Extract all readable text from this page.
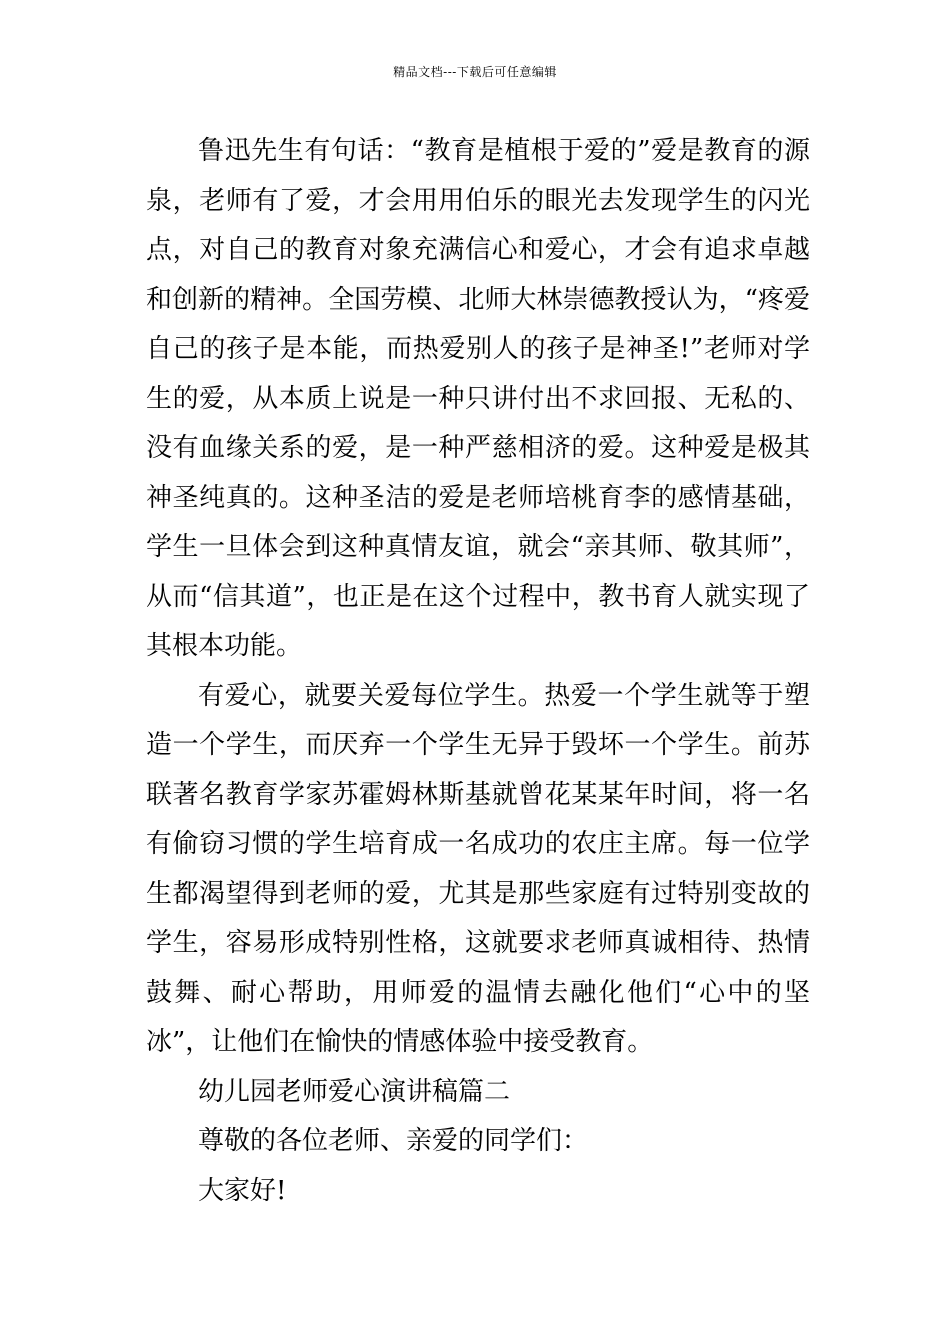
精品文档---下载后可任意编辑

鲁迅先生有句话：“教育是植根于爱的”爱是教育的源泉，老师有了爱，才会用用伯乐的眼光去发现学生的闪光点，对自己的教育对象充满信心和爱心，才会有追求卓越和创新的精神。全国劳模、北师大林崇德教授认为，“疼爱自己的孩子是本能，而热爱别人的孩子是神圣!”老师对学生的爱，从本质上说是一种只讲付出不求回报、无私的、没有血缘关系的爱，是一种严慈相济的爱。这种爱是极其神圣纯真的。这种圣洁的爱是老师培桃育李的感情基础，学生一旦体会到这种真情友谊，就会“亲其师、敬其师”，从而“信其道”，也正是在这个过程中，教书育人就实现了其根本功能。

有爱心，就要关爱每位学生。热爱一个学生就等于塑造一个学生，而厌弃一个学生无异于毁坏一个学生。前苏联著名教育学家苏霍姆林斯基就曾花某某年时间，将一名有偷窃习惯的学生培育成一名成功的农庄主席。每一位学生都渴望得到老师的爱，尤其是那些家庭有过特别变故的学生，容易形成特别性格，这就要求老师真诚相待、热情鼓舞、耐心帮助，用师爱的温情去融化他们“心中的坚冰”，让他们在愉快的情感体验中接受教育。

幼儿园老师爱心演讲稿篇二

尊敬的各位老师、亲爱的同学们：

大家好!
